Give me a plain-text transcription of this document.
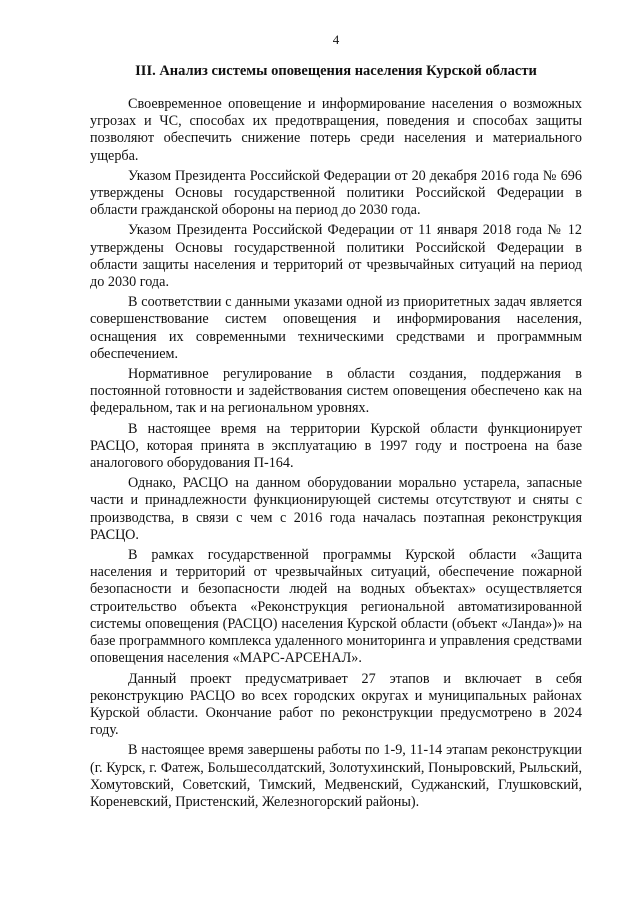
4
III. Анализ системы оповещения населения Курской области

Своевременное оповещение и информирование населения о возможных угрозах и ЧС, способах их предотвращения, поведения и способах защиты позволяют обеспечить снижение потерь среди населения и материального ущерба.

Указом Президента Российской Федерации от 20 декабря 2016 года № 696 утверждены Основы государственной политики Российской Федерации в области гражданской обороны на период до 2030 года.

Указом Президента Российской Федерации от 11 января 2018 года № 12 утверждены Основы государственной политики Российской Федерации в области защиты населения и территорий от чрезвычайных ситуаций на период до 2030 года.

В соответствии с данными указами одной из приоритетных задач является совершенствование систем оповещения и информирования населения, оснащения их современными техническими средствами и программным обеспечением.

Нормативное регулирование в области создания, поддержания в постоянной готовности и задействования систем оповещения обеспечено как на федеральном, так и на региональном уровнях.

В настоящее время на территории Курской области функционирует РАСЦО, которая принята в эксплуатацию в 1997 году и построена на базе аналогового оборудования П-164.

Однако, РАСЦО на данном оборудовании морально устарела, запасные части и принадлежности функционирующей системы отсутствуют и сняты с производства, в связи с чем с 2016 года началась поэтапная реконструкция РАСЦО.

В рамках государственной программы Курской области «Защита населения и территорий от чрезвычайных ситуаций, обеспечение пожарной безопасности и безопасности людей на водных объектах» осуществляется строительство объекта «Реконструкция региональной автоматизированной системы оповещения (РАСЦО) населения Курской области (объект «Ланда»)» на базе программного комплекса удаленного мониторинга и управления средствами оповещения населения «МАРС-АРСЕНАЛ».

Данный проект предусматривает 27 этапов и включает в себя реконструкцию РАСЦО во всех городских округах и муниципальных районах Курской области. Окончание работ по реконструкции предусмотрено в 2024 году.

В настоящее время завершены работы по 1-9, 11-14 этапам реконструкции (г. Курск, г. Фатеж, Большесолдатский, Золотухинский, Поныровский, Рыльский, Хомутовский, Советский, Тимский, Медвенский, Суджанский, Глушковский, Кореневский, Пристенский, Железногорский районы).
